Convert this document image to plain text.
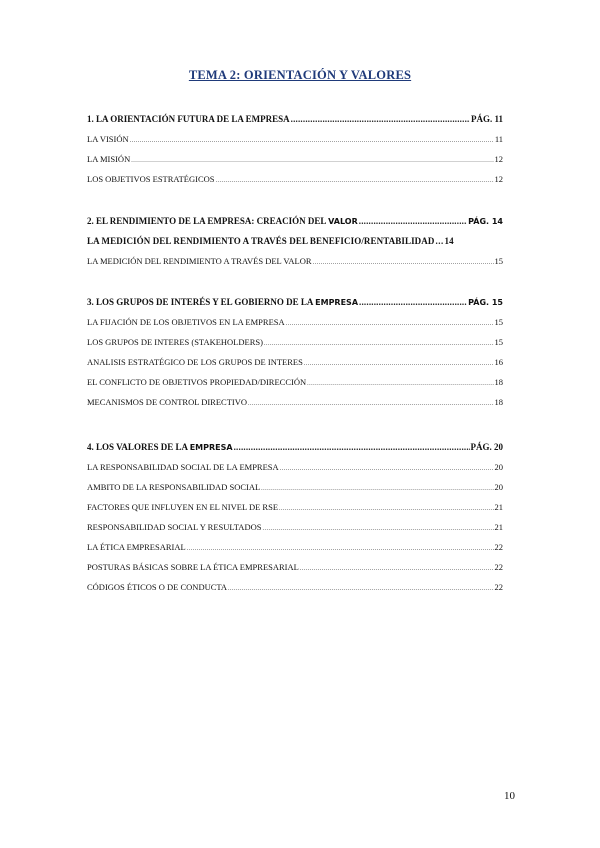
TEMA 2: ORIENTACIÓN Y VALORES
1. LA ORIENTACIÓN FUTURA DE LA EMPRESA .....	PÁG. 11
LA VISIÓN .....	11
LA MISIÓN .....	12
LOS OBJETIVOS ESTRATÉGICOS .....	12
2. EL RENDIMIENTO DE LA EMPRESA: CREACIÓN DEL VALOR .....	PÁG. 14
LA MEDICIÓN DEL RENDIMIENTO A TRAVÉS DEL BENEFICIO/RENTABILIDAD ..... 14
LA MEDICIÓN DEL RENDIMIENTO A TRAVÉS DEL VALOR .....	15
3. LOS GRUPOS DE INTERÉS Y EL GOBIERNO DE LA EMPRESA .....	PÁG. 15
LA FIJACIÓN DE LOS OBJETIVOS EN LA EMPRESA .....	15
LOS GRUPOS DE INTERES (STAKEHOLDERS) .....	15
ANALISIS ESTRATÉGICO DE LOS GRUPOS DE INTERES .....	16
EL CONFLICTO DE OBJETIVOS PROPIEDAD/DIRECCIÓN .....	18
MECANISMOS DE CONTROL DIRECTIVO .....	18
4. LOS VALORES DE LA EMPRESA .....	PÁG. 20
LA RESPONSABILIDAD SOCIAL DE LA EMPRESA .....	20
AMBITO DE LA RESPONSABILIDAD SOCIAL .....	20
FACTORES QUE INFLUYEN EN EL NIVEL DE RSE .....	21
RESPONSABILIDAD SOCIAL Y RESULTADOS .....	21
LA ÉTICA EMPRESARIAL .....	22
POSTURAS BÁSICAS SOBRE LA ÉTICA EMPRESARIAL .....	22
CÓDIGOS ÉTICOS O DE CONDUCTA .....	22
10
